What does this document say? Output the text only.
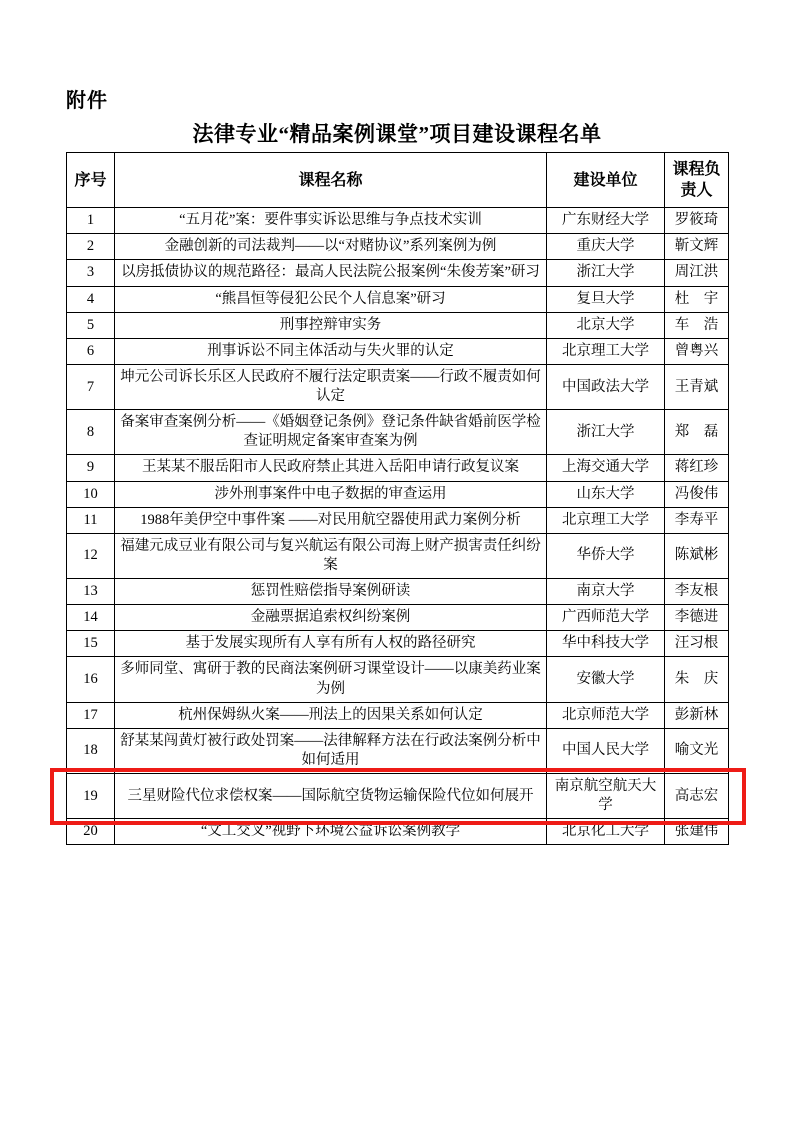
附件
法律专业“精品案例课堂”项目建设课程名单
序号	课程名称	建设单位	课程负责人
1	“五月花”案：要件事实诉讼思维与争点技术实训	广东财经大学	罗筱琦
2	金融创新的司法裁判——以“对赌协议”系列案例为例	重庆大学	靳文辉
3	以房抵债协议的规范路径：最高人民法院公报案例“朱俊芳案”研习	浙江大学	周江洪
4	“熊昌恒等侵犯公民个人信息案”研习	复旦大学	杜　宇
5	刑事控辩审实务	北京大学	车　浩
6	刑事诉讼不同主体活动与失火罪的认定	北京理工大学	曾粤兴
7	坤元公司诉长乐区人民政府不履行法定职责案——行政不履责如何认定	中国政法大学	王青斌
8	备案审查案例分析——《婚姻登记条例》登记条件缺省婚前医学检查证明规定备案审查案为例	浙江大学	郑　磊
9	王某某不服岳阳市人民政府禁止其进入岳阳申请行政复议案	上海交通大学	蒋红珍
10	涉外刑事案件中电子数据的审查运用	山东大学	冯俊伟
11	1988年美伊空中事件案 ——对民用航空器使用武力案例分析	北京理工大学	李寿平
12	福建元成豆业有限公司与复兴航运有限公司海上财产损害责任纠纷案	华侨大学	陈斌彬
13	惩罚性赔偿指导案例研读	南京大学	李友根
14	金融票据追索权纠纷案例	广西师范大学	李德进
15	基于发展实现所有人享有所有人权的路径研究	华中科技大学	汪习根
16	多师同堂、寓研于教的民商法案例研习课堂设计——以康美药业案为例	安徽大学	朱　庆
17	杭州保姆纵火案——刑法上的因果关系如何认定	北京师范大学	彭新林
18	舒某某闯黄灯被行政处罚案——法律解释方法在行政法案例分析中如何适用	中国人民大学	喻文光
19	三星财险代位求偿权案——国际航空货物运输保险代位如何展开	南京航空航天大学	高志宏
20	“文工交叉”视野下环境公益诉讼案例教学	北京化工大学	张建伟
